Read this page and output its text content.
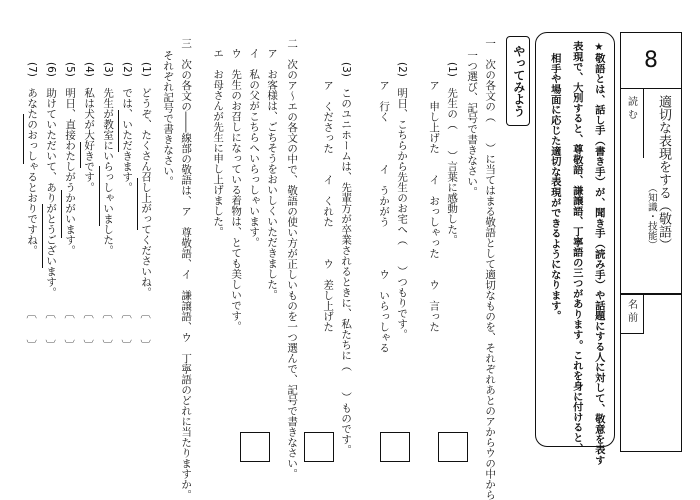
8
読 む 適切な表現をする（敬語）
（知識・技能）
名 前
★敬語とは、話し手（書き手）が、聞き手（読み手）や話題にする人に対して、敬意を表す
表現で、大別すると、尊敬語、謙譲語、丁寧語の三つがあります。これを身に付けると、
相手や場面に応じた適切な表現ができるようになります。
やってみよう
一　次の各文の（　　）に当てはまる敬語として適切なものを、それぞれあとのアからウの中から
一つ選び、記号で書きなさい。
(1)　先生の（　　）言葉に感動した。
ア　申し上げた　　イ　おっしゃった　　ウ　言った
(2)　明日、こちらから先生のお宅へ（　　）つもりです。
ア　行く　　　　イ　うかがう　　　　ウ　いらっしゃる
(3)　このユニホームは、先輩方が卒業されるときに、私たちに（　　）ものです。
ア　くださった　　イ　くれた　　　ウ　差し上げた
二　次のア〜エの各文の中で、敬語の使い方が正しいものを一つ選んで、記号で書きなさい。
ア　お客様は、ごちそうをおいしくいただきました。
イ　私の父がこちらへいらっしゃいます。
ウ　先生のお召しになっている着物は、とても美しいです。
エ　お母さんが先生に申し上げました。
三　次の各文の――線部の敬語は、ア　尊敬語、イ　謙譲語、ウ　丁寧語のどれに当たりますか。
それぞれ記号で書きなさい。
(1)　どうぞ、たくさん召し上がってくださいね。
(2)　では、いただきます。
(3)　先生が教室にいらっしゃいました。
(4)　私は犬が大好きです。
(5)　明日、直接わたしがうかがいます。
(6)　助けていただいて、ありがとうございます。
(7)　あなたのおっしゃるとおりですね。
〔　　〕
〔　　〕
〔　　〕
〔　　〕
〔　　〕
〔　　〕
〔　　〕
